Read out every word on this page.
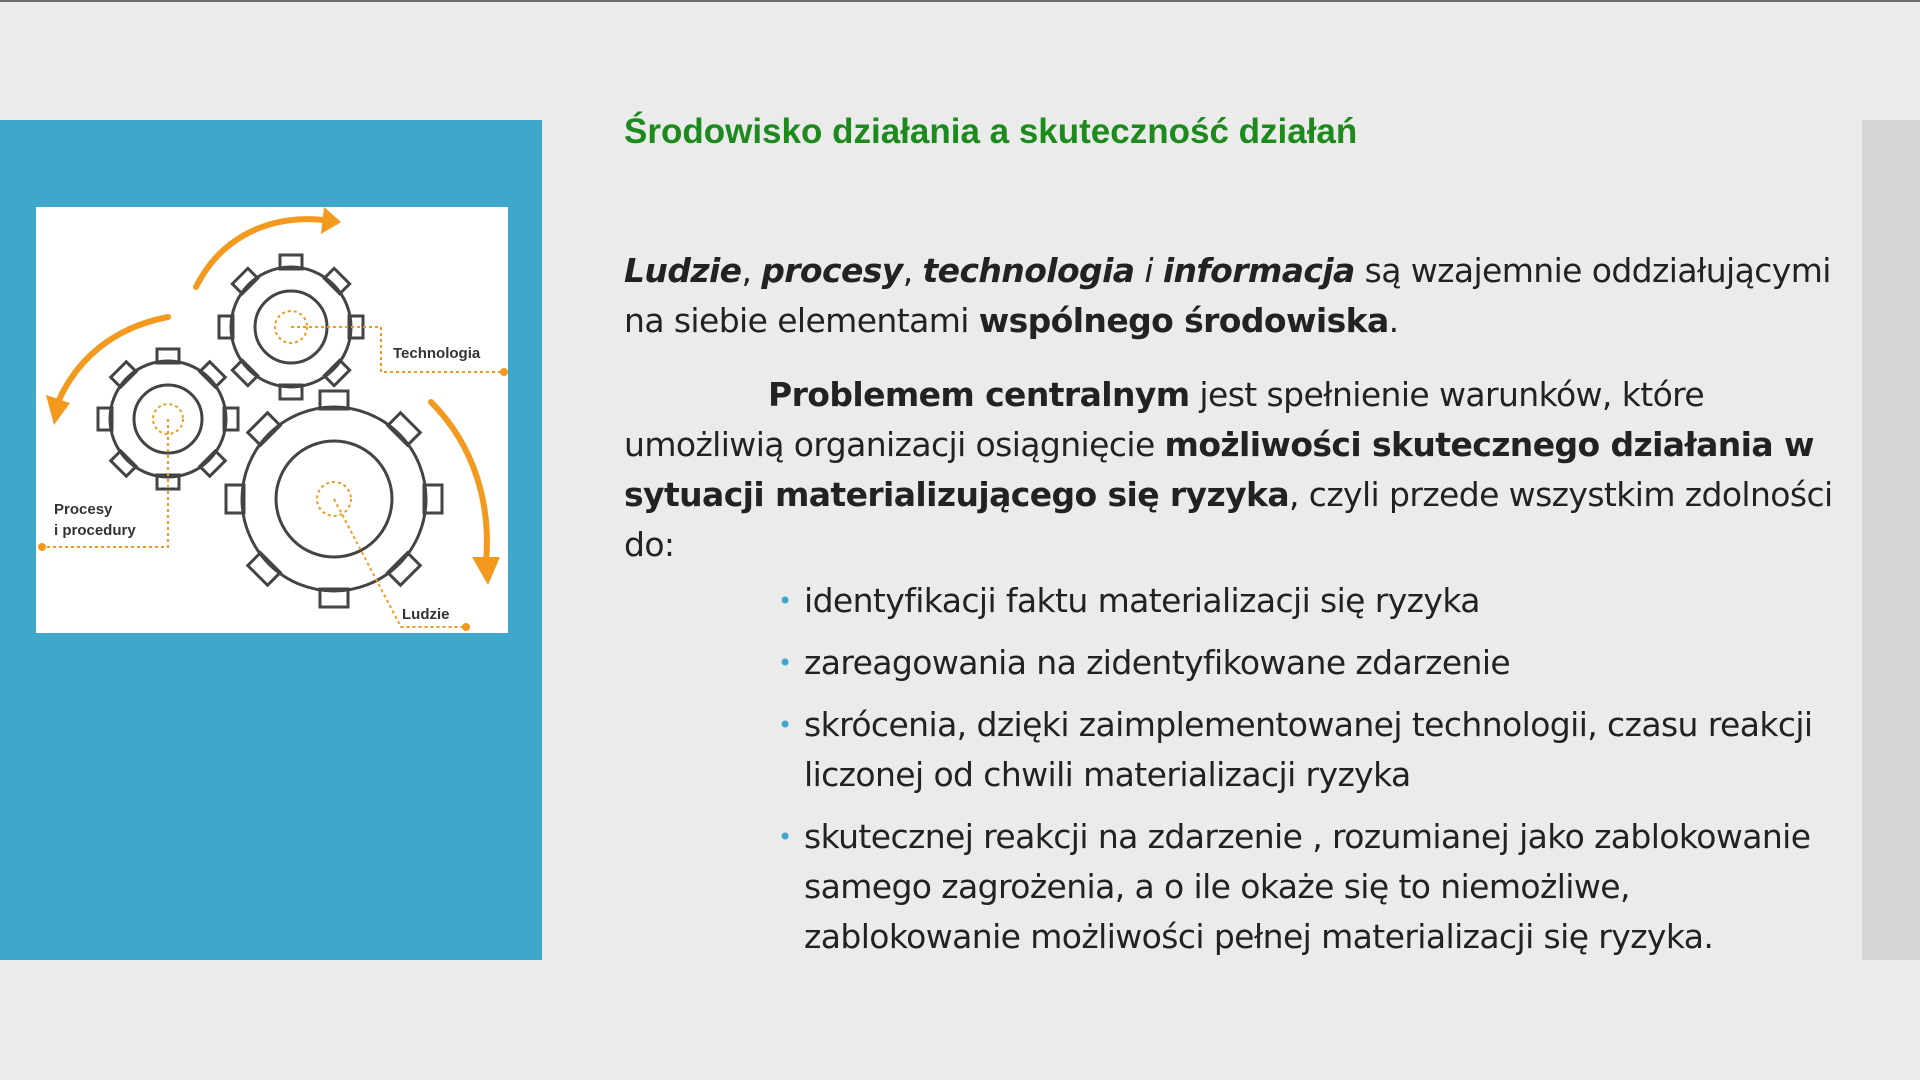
Technologia
Procesy
i procedury
Ludzie
Środowisko działania a skuteczność działań

Ludzie, procesy, technologia i informacja są wzajemnie oddziałującymi na siebie elementami wspólnego środowiska.

Problemem centralnym jest spełnienie warunków, które umożliwią organizacji osiągnięcie możliwości skutecznego działania w sytuacji materializującego się ryzyka, czyli przede wszystkim zdolności do:

• identyfikacji faktu materializacji się ryzyka
• zareagowania na zidentyfikowane zdarzenie
• skrócenia, dzięki zaimplementowanej technologii, czasu reakcji liczonej od chwili materializacji ryzyka
• skutecznej reakcji na zdarzenie , rozumianej jako zablokowanie samego zagrożenia, a o ile okaże się to niemożliwe, zablokowanie możliwości pełnej materializacji się ryzyka.
